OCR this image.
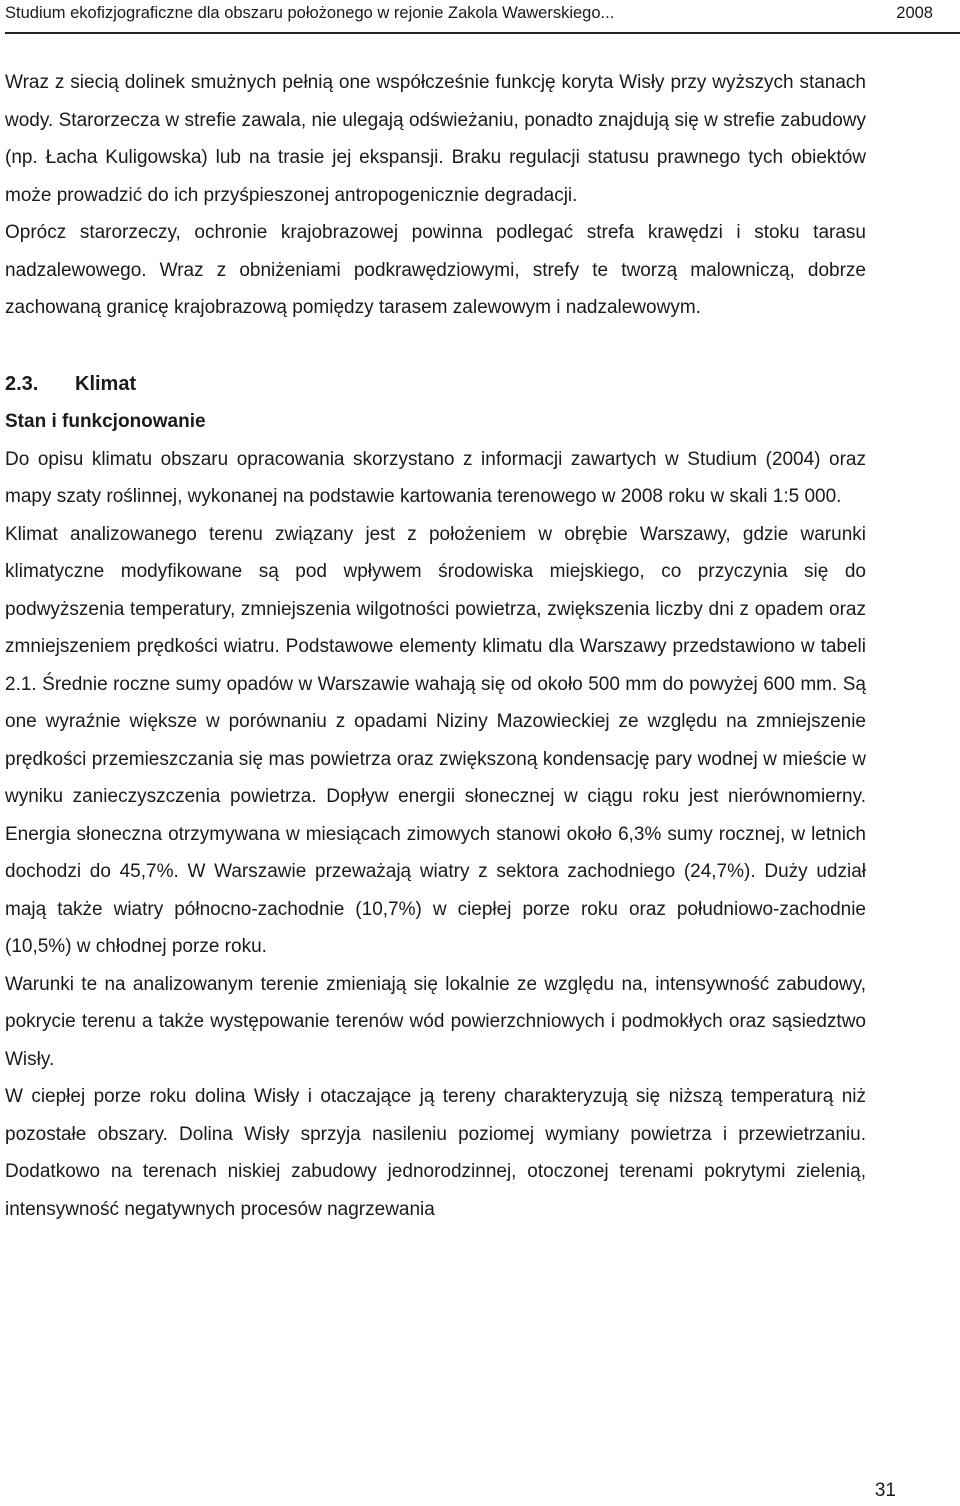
Studium ekofizjograficzne dla obszaru położonego w rejonie Zakola Wawerskiego...	2008

Wraz z siecią dolinek smużnych pełnią one współcześnie funkcję koryta Wisły przy wyższych stanach wody. Starorzecza w strefie zawala, nie ulegają odświeżaniu, ponadto znajdują się w strefie zabudowy (np. Łacha Kuligowska) lub na trasie jej ekspansji. Braku regulacji statusu prawnego tych obiektów może prowadzić do ich przyśpieszonej antropogenicznie degradacji.

Oprócz starorzeczy, ochronie krajobrazowej powinna podlegać strefa krawędzi i stoku tarasu nadzalewowego. Wraz z obniżeniami podkrawędziowymi, strefy te tworzą malowniczą, dobrze zachowaną granicę krajobrazową pomiędzy tarasem zalewowym i nadzalewowym.

2.3. Klimat
Stan i funkcjonowanie

Do opisu klimatu obszaru opracowania skorzystano z informacji zawartych w Studium (2004) oraz mapy szaty roślinnej, wykonanej na podstawie kartowania terenowego w 2008 roku w skali 1:5 000.

Klimat analizowanego terenu związany jest z położeniem w obrębie Warszawy, gdzie warunki klimatyczne modyfikowane są pod wpływem środowiska miejskiego, co przyczynia się do podwyższenia temperatury, zmniejszenia wilgotności powietrza, zwiększenia liczby dni z opadem oraz zmniejszeniem prędkości wiatru. Podstawowe elementy klimatu dla Warszawy przedstawiono w tabeli 2.1. Średnie roczne sumy opadów w Warszawie wahają się od około 500 mm do powyżej 600 mm. Są one wyraźnie większe w porównaniu z opadami Niziny Mazowieckiej ze względu na zmniejszenie prędkości przemieszczania się mas powietrza oraz zwiększoną kondensację pary wodnej w mieście w wyniku zanieczyszczenia powietrza. Dopływ energii słonecznej w ciągu roku jest nierównomierny. Energia słoneczna otrzymywana w miesiącach zimowych stanowi około 6,3% sumy rocznej, w letnich dochodzi do 45,7%. W Warszawie przeważają wiatry z sektora zachodniego (24,7%). Duży udział mają także wiatry północno-zachodnie (10,7%) w ciepłej porze roku oraz południowo-zachodnie (10,5%) w chłodnej porze roku.

Warunki te na analizowanym terenie zmieniają się lokalnie ze względu na, intensywność zabudowy, pokrycie terenu a także występowanie terenów wód powierzchniowych i podmokłych oraz sąsiedztwo Wisły.

W ciepłej porze roku dolina Wisły i otaczające ją tereny charakteryzują się niższą temperaturą niż pozostałe obszary. Dolina Wisły sprzyja nasileniu poziomej wymiany powietrza i przewietrzaniu. Dodatkowo na terenach niskiej zabudowy jednorodzinnej, otoczonej terenami pokrytymi zielenią, intensywność negatywnych procesów nagrzewania

31
